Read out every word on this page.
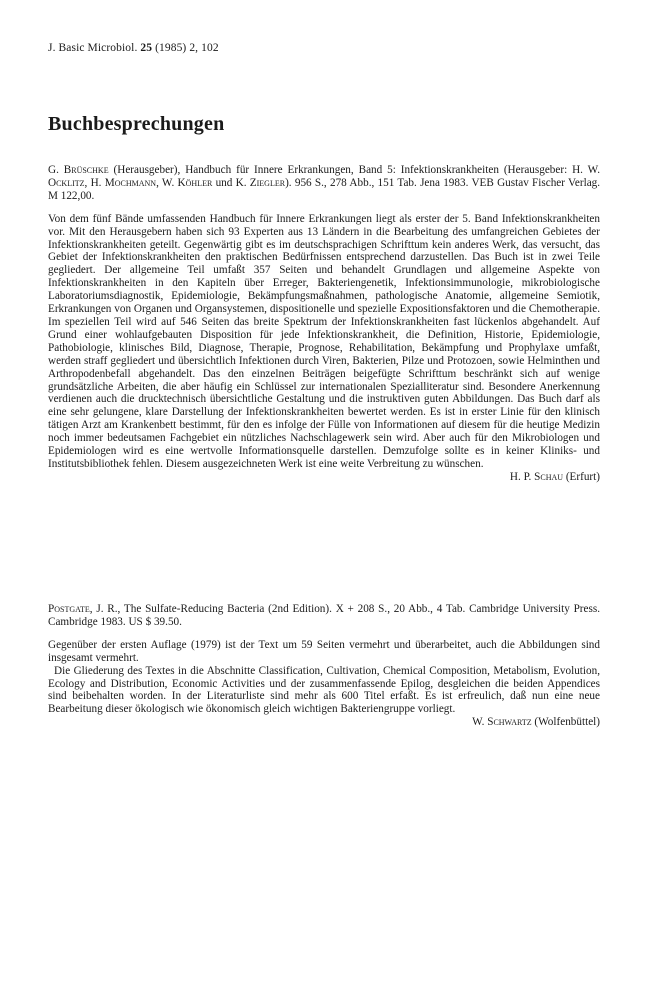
J. Basic Microbiol. 25 (1985) 2, 102
Buchbesprechungen

G. Brüschke (Herausgeber), Handbuch für Innere Erkrankungen, Band 5: Infektionskrankheiten (Herausgeber: H. W. Ocklitz, H. Mochmann, W. Köhler und K. Ziegler). 956 S., 278 Abb., 151 Tab. Jena 1983. VEB Gustav Fischer Verlag. M 122,00.

Von dem fünf Bände umfassenden Handbuch für Innere Erkrankungen liegt als erster der 5. Band Infektionskrankheiten vor. Mit den Herausgebern haben sich 93 Experten aus 13 Ländern in die Bearbeitung des umfangreichen Gebietes der Infektionskrankheiten geteilt. Gegenwärtig gibt es im deutschsprachigen Schrifttum kein anderes Werk, das versucht, das Gebiet der Infektionskrankheiten den praktischen Bedürfnissen entsprechend darzustellen. Das Buch ist in zwei Teile gegliedert. Der allgemeine Teil umfaßt 357 Seiten und behandelt Grundlagen und allgemeine Aspekte von Infektionskrankheiten in den Kapiteln über Erreger, Bakteriengenetik, Infektionsimmunologie, mikrobiologische Laboratoriumsdiagnostik, Epidemiologie, Bekämpfungsmaßnahmen, pathologische Anatomie, allgemeine Semiotik, Erkrankungen von Organen und Organsystemen, dispositionelle und spezielle Expositionsfaktoren und die Chemotherapie. Im speziellen Teil wird auf 546 Seiten das breite Spektrum der Infektionskrankheiten fast lückenlos abgehandelt. Auf Grund einer wohlaufgebauten Disposition für jede Infektionskrankheit, die Definition, Historie, Epidemiologie, Pathobiologie, klinisches Bild, Diagnose, Therapie, Prognose, Rehabilitation, Bekämpfung und Prophylaxe umfaßt, werden straff gegliedert und übersichtlich Infektionen durch Viren, Bakterien, Pilze und Protozoen, sowie Helminthen und Arthropodenbefall abgehandelt. Das den einzelnen Beiträgen beigefügte Schrifttum beschränkt sich auf wenige grundsätzliche Arbeiten, die aber häufig ein Schlüssel zur internationalen Spezialliteratur sind. Besondere Anerkennung verdienen auch die drucktechnisch übersichtliche Gestaltung und die instruktiven guten Abbildungen. Das Buch darf als eine sehr gelungene, klare Darstellung der Infektionskrankheiten bewertet werden. Es ist in erster Linie für den klinisch tätigen Arzt am Krankenbett bestimmt, für den es infolge der Fülle von Informationen auf diesem für die heutige Medizin noch immer bedeutsamen Fachgebiet ein nützliches Nachschlagewerk sein wird. Aber auch für den Mikrobiologen und Epidemiologen wird es eine wertvolle Informationsquelle darstellen. Demzufolge sollte es in keiner Kliniks- und Institutsbibliothek fehlen. Diesem ausgezeichneten Werk ist eine weite Verbreitung zu wünschen.

H. P. Schau (Erfurt)

Postgate, J. R., The Sulfate-Reducing Bacteria (2nd Edition). X + 208 S., 20 Abb., 4 Tab. Cambridge University Press. Cambridge 1983. US $ 39.50.

Gegenüber der ersten Auflage (1979) ist der Text um 59 Seiten vermehrt und überarbeitet, auch die Abbildungen sind insgesamt vermehrt.

Die Gliederung des Textes in die Abschnitte Classification, Cultivation, Chemical Composition, Metabolism, Evolution, Ecology and Distribution, Economic Activities und der zusammenfassende Epilog, desgleichen die beiden Appendices sind beibehalten worden. In der Literaturliste sind mehr als 600 Titel erfaßt. Es ist erfreulich, daß nun eine neue Bearbeitung dieser ökologisch wie ökonomisch gleich wichtigen Bakteriengruppe vorliegt.

W. Schwartz (Wolfenbüttel)
